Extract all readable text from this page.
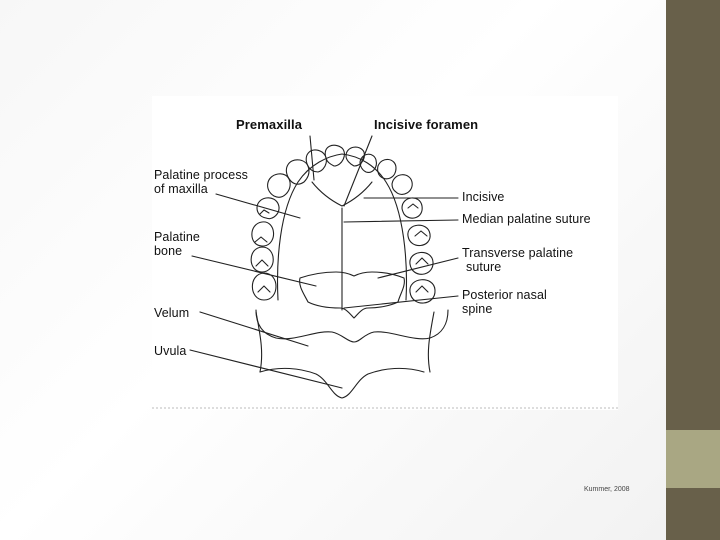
Premaxilla	Incisive foramen
Palatine process
of maxilla
Palatine
bone
Velum
Uvula
Incisive
Median palatine suture
Transverse palatine
suture
Posterior nasal
spine
Kummer, 2008
